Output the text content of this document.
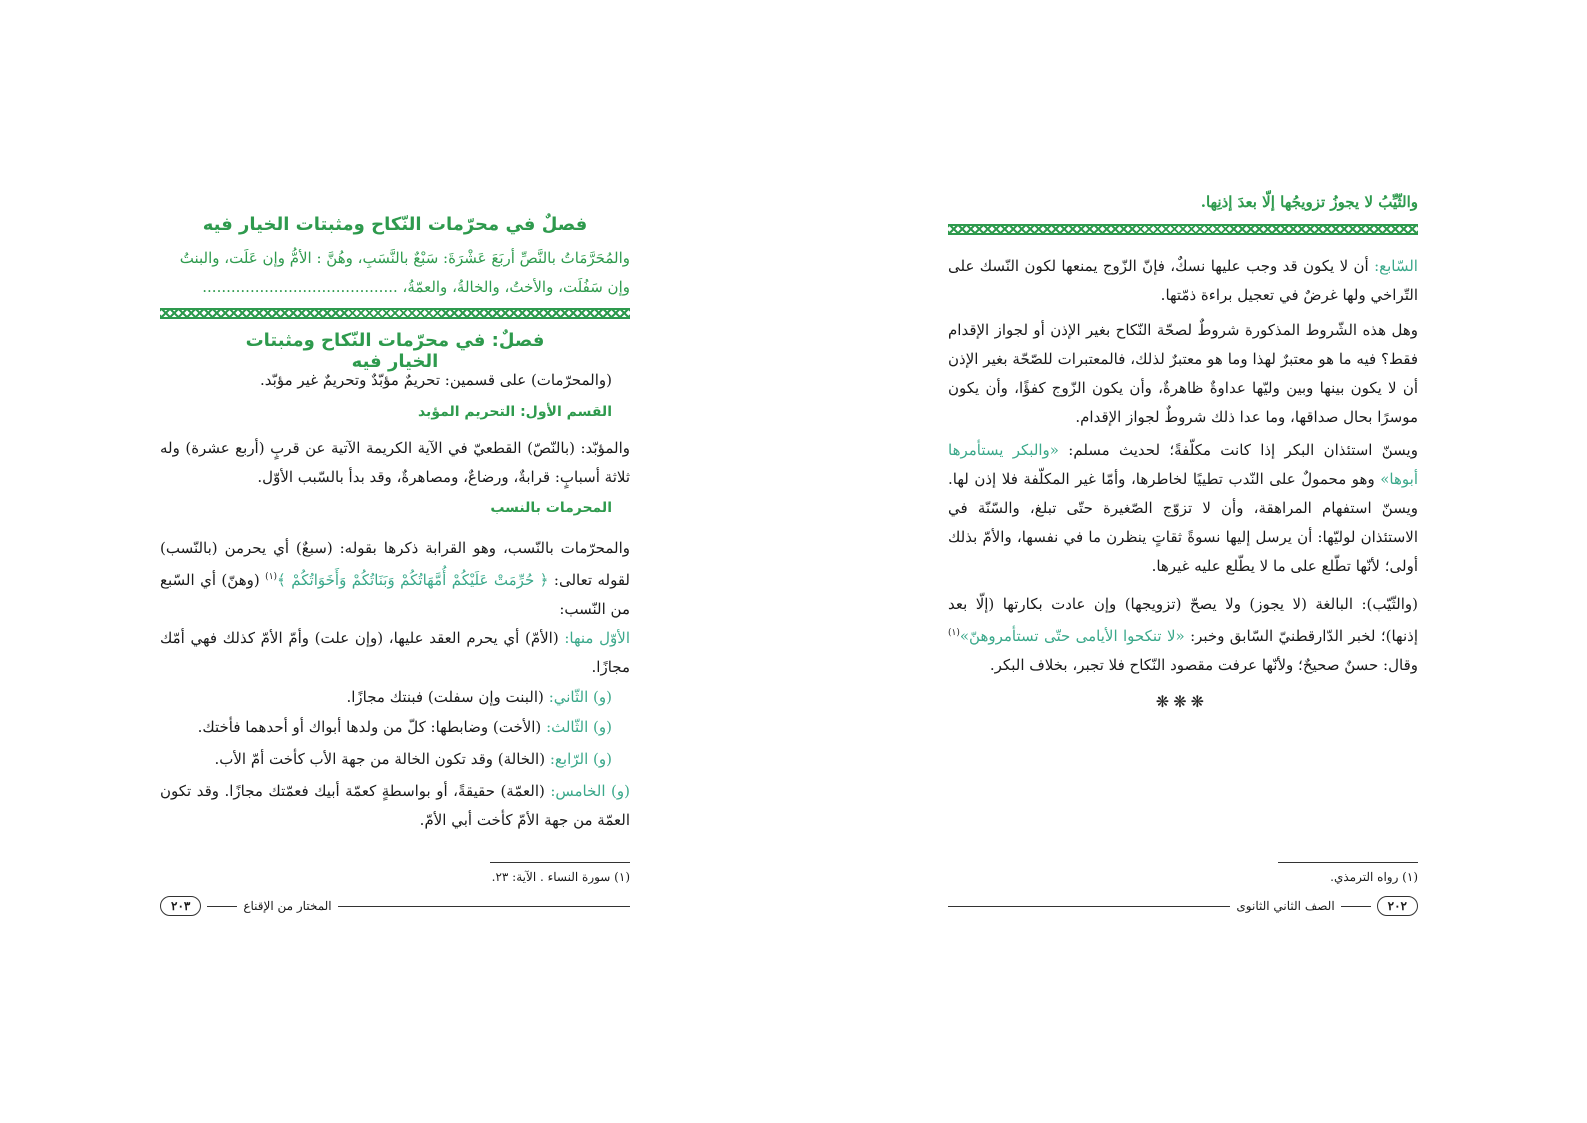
فصلٌ في محرّمات النّكاح ومثبتات الخيار فيه

والمُحَرَّمَاتُ بالنَّصِّ أربَعَ عَشْرَةَ: سَبْعٌ بالنَّسَبِ، وهُنَّ : الأمُّ وإن عَلَت، والبنتُ

وإن سَفُلَت، والأختُ، والخالةُ، والعمّةُ، .........................................

فصلٌ: في محرّمات النّكاح ومثبتات الخيار فيه

(والمحرّمات) على قسمين: تحريمٌ مؤبّدٌ وتحريمٌ غير مؤبّد.

القسم الأول: التحريم المؤبد

والمؤبّد: (بالنّصّ) القطعيّ في الآية الكريمة الآتية عن قربٍ (أربع عشرة) وله ثلاثة أسبابٍ: قرابةٌ، ورضاعٌ، ومصاهرةٌ، وقد بدأ بالسّبب الأوّل.

المحرمات بالنسب

والمحرّمات بالنّسب، وهو القرابة ذكرها بقوله: (سبعٌ) أي يحرمن (بالنّسب) لقوله تعالى: ﴿ حُرِّمَتْ عَلَيْكُمْ أُمَّهَاتُكُمْ وَبَنَاتُكُمْ وَأَخَوَاتُكُمْ ﴾$^{(١)}$ (وهنّ) أي السّبع من النّسب:

الأوّل منها: (الأمّ) أي يحرم العقد عليها، (وإن علت) وأمّ الأمّ كذلك فهي أمّك مجازًا.

(و) الثّاني: (البنت وإن سفلت) فبنتك مجازًا.

(و) الثّالث: (الأخت) وضابطها: كلّ من ولدها أبواك أو أحدهما فأختك.

(و) الرّابع: (الخالة) وقد تكون الخالة من جهة الأب كأخت أمّ الأب.

(و) الخامس: (العمّة) حقيقةً، أو بواسطةٍ كعمّة أبيك فعمّتك مجازًا. وقد تكون العمّة من جهة الأمّ كأخت أبي الأمّ.

(١) سورة النساء . الآية: ٢٣.
المختار من الإقناع
٢٠٣

والثّيِّبُ لا يجوزُ تزويجُها إلّا بعدَ إذنِها.

السّابع: أن لا يكون قد وجب عليها نسكٌ، فإنّ الزّوج يمنعها لكون النّسك على التّراخي ولها غرضٌ في تعجيل براءة ذمّتها.

وهل هذه الشّروط المذكورة شروطٌ لصحّة النّكاح بغير الإذن أو لجواز الإقدام فقط؟ فيه ما هو معتبرٌ لهذا وما هو معتبرٌ لذلك، فالمعتبرات للصّحّة بغير الإذن أن لا يكون بينها وبين وليّها عداوةٌ ظاهرةٌ، وأن يكون الزّوج كفؤًا، وأن يكون موسرًا بحال صداقها، وما عدا ذلك شروطٌ لجواز الإقدام.

ويسنّ استئذان البكر إذا كانت مكلّفةً؛ لحديث مسلم: «والبكر يستأمرها أبوها» وهو محمولٌ على النّدب تطييًا لخاطرها، وأمّا غير المكلّفة فلا إذن لها. ويسنّ استفهام المراهقة، وأن لا تزوّج الصّغيرة حتّى تبلغ، والسّنّة في الاستئذان لوليّها: أن يرسل إليها نسوةً ثقاتٍ ينظرن ما في نفسها، والأمّ بذلك أولى؛ لأنّها تطّلع على ما لا يطّلع عليه غيرها.

(والثّيّب): البالغة (لا يجوز) ولا يصحّ (تزويجها) وإن عادت بكارتها (إلّا بعد إذنها)؛ لخبر الدّارقطنيّ السّابق وخبر: «لا تنكحوا الأيامى حتّى تستأمروهنّ»$^{(١)}$ وقال: حسنٌ صحيحٌ؛ ولأنّها عرفت مقصود النّكاح فلا تجبر، بخلاف البكر.

❋❋❋
(١) رواه الترمذي.
٢٠٢
الصف الثاني الثانوى
